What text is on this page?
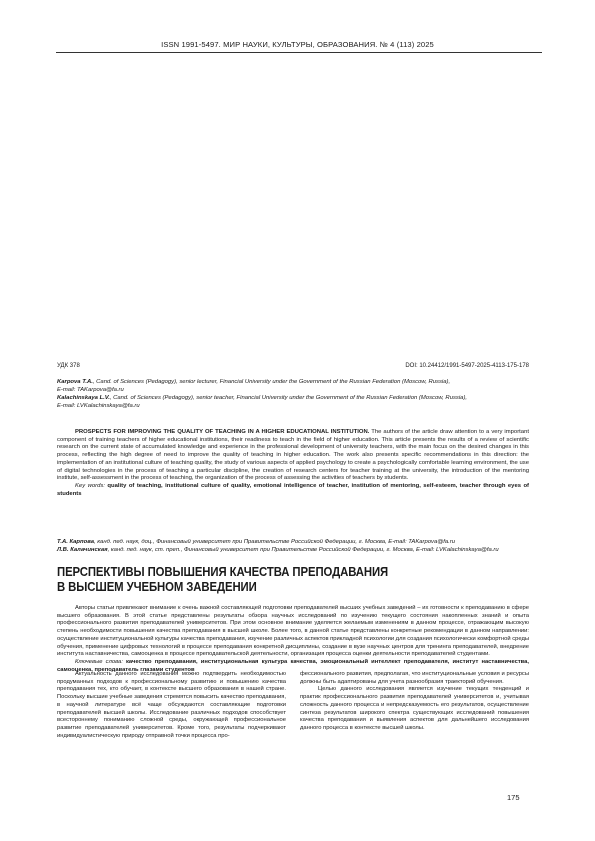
ISSN 1991-5497. МИР НАУКИ, КУЛЬТУРЫ, ОБРАЗОВАНИЯ. № 4 (113) 2025
УДК 378	DOI: 10.24412/1991-5497-2025-4113-175-178
Karpova T.A., Cand. of Sciences (Pedagogy), senior lecturer, Financial University under the Government of the Russian Federation (Moscow, Russia),
E-mail: TAKarpova@fa.ru
Kalachinskaya L.V., Cand. of Sciences (Pedagogy), senior teacher, Financial University under the Government of the Russian Federation (Moscow, Russia),
E-mail: LVKalachinskaya@fa.ru
PROSPECTS FOR IMPROVING THE QUALITY OF TEACHING IN A HIGHER EDUCATIONAL INSTITUTION. The authors of the article draw attention to a very important component of training teachers of higher educational institutions, their readiness to teach in the field of higher education. This article presents the results of a review of scientific research on the current state of accumulated knowledge and experience in the professional development of university teachers, with the main focus on the desired changes in this process, reflecting the high degree of need to improve the quality of teaching in higher education. The work also presents specific recommendations in this direction: the implementation of an institutional culture of teaching quality, the study of various aspects of applied psychology to create a psychologically comfortable learning environment, the use of digital technologies in the process of teaching a particular discipline, the creation of research centers for teacher training at the university, the introduction of the mentoring institute, self-assessment in the process of teaching, the organization of the process of assessing the activities of teachers by students.
Key words: quality of teaching, institutional culture of quality, emotional intelligence of teacher, institution of mentoring, self-esteem, teacher through eyes of students
Т.А. Карпова, канд. пед. наук, доц., Финансовый университет при Правительстве Российской Федерации, г. Москва, E-mail: TAKarpova@fa.ru
Л.В. Калачинская, канд. пед. наук, ст. преп., Финансовый университет при Правительстве Российской Федерации, г. Москва, E-mail: LVKalachinskaya@fa.ru
ПЕРСПЕКТИВЫ ПОВЫШЕНИЯ КАЧЕСТВА ПРЕПОДАВАНИЯ
В ВЫСШЕМ УЧЕБНОМ ЗАВЕДЕНИИ

Авторы статьи привлекают внимание к очень важной составляющей подготовки преподавателей высших учебных заведений – их готовности к преподаванию в сфере высшего образования. В этой статье представлены результаты обзора научных исследований по изучению текущего состояния накопленных знаний и опыта профессионального развития преподавателей университетов. При этом основное внимание уделяется желаемым изменениям в данном процессе, отражающим высокую степень необходимости повышения качества преподавания в высшей школе. Более того, в данной статье представлены конкретные рекомендации в данном направлении: осуществление институциональной культуры качества преподавания, изучение различных аспектов прикладной психологии для создания психологически комфортной среды обучения, применение цифровых технологий в процессе преподавания конкретной дисциплины, создание в вузе научных центров для тренинга преподавателей, внедрение института наставничества, самооценка в процессе преподавательской деятельности, организация процесса оценки деятельности преподавателей студентами.

Ключевые слова: качество преподавания, институциональная культура качества, эмоциональный интеллект преподавателя, институт наставничества, самооценка, преподаватель глазами студентов

Актуальность данного исследования можно подтвердить необходимостью продуманных подходов к профессиональному развитию и повышению качества преподавания тех, кто обучает, в контексте высшего образования в нашей стране. Поскольку высшие учебные заведения стремятся повысить качество преподавания, в научной литературе всё чаще обсуждаются составляющие подготовки преподавателей высшей школы. Исследование различных подходов способствует всестороннему пониманию сложной среды, окружающей профессиональное развитие преподавателей университетов. Кроме того, результаты подчеркивают индивидуалистическую природу отправной точки процесса про-

фессионального развития, предполагая, что институциональные условия и ресурсы должны быть адаптированы для учета разнообразия траекторий обучения.

Целью данного исследования является изучение текущих тенденций и практик профессионального развития преподавателей университетов и, учитывая сложность данного процесса и непредсказуемость его результатов, осуществление синтеза результатов широкого спектра существующих исследований повышения качества преподавания и выявления аспектов для дальнейшего исследования данного процесса в контексте высшей школы.

175
